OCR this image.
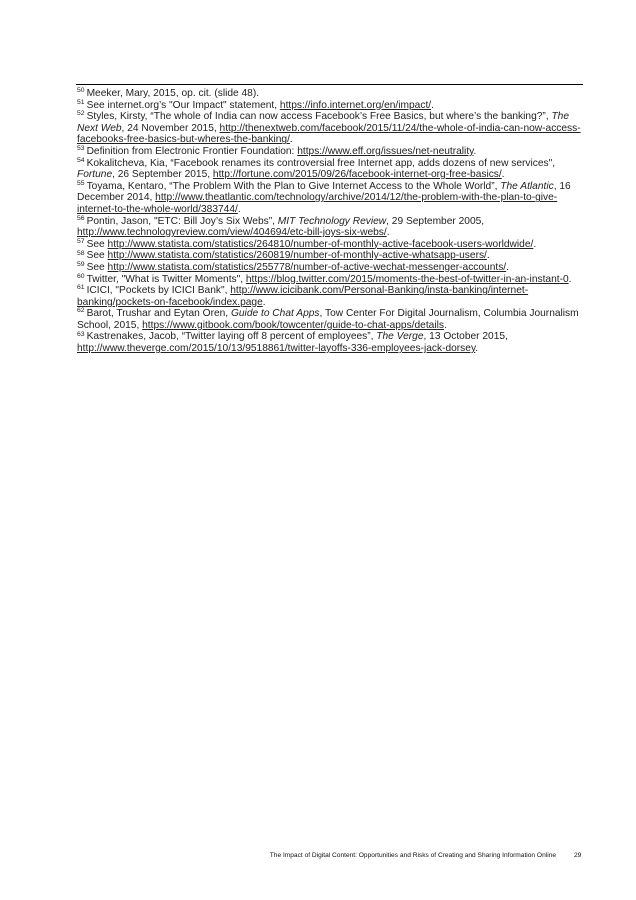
$^{50}$ Meeker, Mary, 2015, op. cit. (slide 48).

$^{51}$ See internet.org’s "Our Impact" statement, https://info.internet.org/en/impact/.

$^{52}$ Styles, Kirsty, “The whole of India can now access Facebook’s Free Basics, but where’s the banking?”, The Next Web, 24 November 2015, http://thenextweb.com/facebook/2015/11/24/the-whole-of-india-can-now-access-facebooks-free-basics-but-wheres-the-banking/.

$^{53}$ Definition from Electronic Frontier Foundation: https://www.eff.org/issues/net-neutrality.

$^{54}$ Kokalitcheva, Kia, “Facebook renames its controversial free Internet app, adds dozens of new services", Fortune, 26 September 2015, http://fortune.com/2015/09/26/facebook-internet-org-free-basics/.

$^{55}$ Toyama, Kentaro, “The Problem With the Plan to Give Internet Access to the Whole World”, The Atlantic, 16 December 2014, http://www.theatlantic.com/technology/archive/2014/12/the-problem-with-the-plan-to-give-internet-to-the-whole-world/383744/.

$^{56}$ Pontin, Jason, "ETC: Bill Joy’s Six Webs”, MIT Technology Review, 29 September 2005, http://www.technologyreview.com/view/404694/etc-bill-joys-six-webs/.

$^{57}$ See http://www.statista.com/statistics/264810/number-of-monthly-active-facebook-users-worldwide/.

$^{58}$ See http://www.statista.com/statistics/260819/number-of-monthly-active-whatsapp-users/.

$^{59}$ See http://www.statista.com/statistics/255778/number-of-active-wechat-messenger-accounts/.

$^{60}$ Twitter, "What is Twitter Moments", https://blog.twitter.com/2015/moments-the-best-of-twitter-in-an-instant-0.

$^{61}$ ICICI, "Pockets by ICICI Bank", http://www.icicibank.com/Personal-Banking/insta-banking/internet-banking/pockets-on-facebook/index.page.

$^{62}$ Barot, Trushar and Eytan Oren, Guide to Chat Apps, Tow Center For Digital Journalism, Columbia Journalism School, 2015, https://www.gitbook.com/book/towcenter/guide-to-chat-apps/details.

$^{63}$ Kastrenakes, Jacob, “Twitter laying off 8 percent of employees”, The Verge, 13 October 2015, http://www.theverge.com/2015/10/13/9518861/twitter-layoffs-336-employees-jack-dorsey.

The Impact of Digital Content: Opportunities and Risks of Creating and Sharing Information Online	29
